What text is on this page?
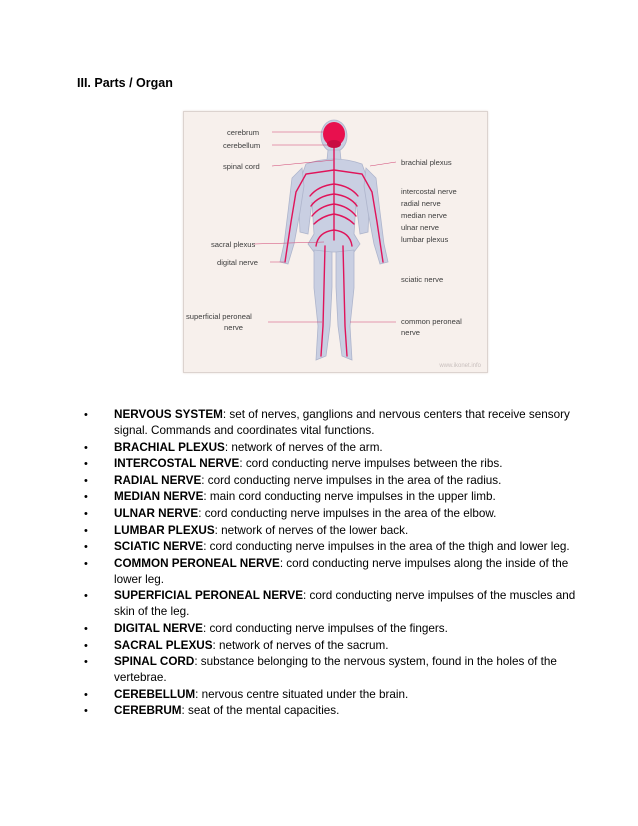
III. Parts / Organ
cerebrum
cerebellum
spinal cord
sacral plexus
digital nerve
superficial peroneal
nerve
brachial plexus
intercostal nerve
radial nerve
median nerve
ulnar nerve
lumbar plexus
sciatic nerve
common peroneal
nerve
www.ikonet.info
• NERVOUS SYSTEM: set of nerves, ganglions and nervous centers that receive sensory signal. Commands and coordinates vital functions.
• BRACHIAL PLEXUS: network of nerves of the arm.
• INTERCOSTAL NERVE: cord conducting nerve impulses between the ribs.
• RADIAL NERVE: cord conducting nerve impulses in the area of the radius.
• MEDIAN NERVE: main cord conducting nerve impulses in the upper limb.
• ULNAR NERVE: cord conducting nerve impulses in the area of the elbow.
• LUMBAR PLEXUS: network of nerves of the lower back.
• SCIATIC NERVE: cord conducting nerve impulses in the area of the thigh and lower leg.
• COMMON PERONEAL NERVE: cord conducting nerve impulses along the inside of the lower leg.
• SUPERFICIAL PERONEAL NERVE: cord conducting nerve impulses of the muscles and skin of the leg.
• DIGITAL NERVE: cord conducting nerve impulses of the fingers.
• SACRAL PLEXUS: network of nerves of the sacrum.
• SPINAL CORD: substance belonging to the nervous system, found in the holes of the vertebrae.
• CEREBELLUM: nervous centre situated under the brain.
• CEREBRUM: seat of the mental capacities.
